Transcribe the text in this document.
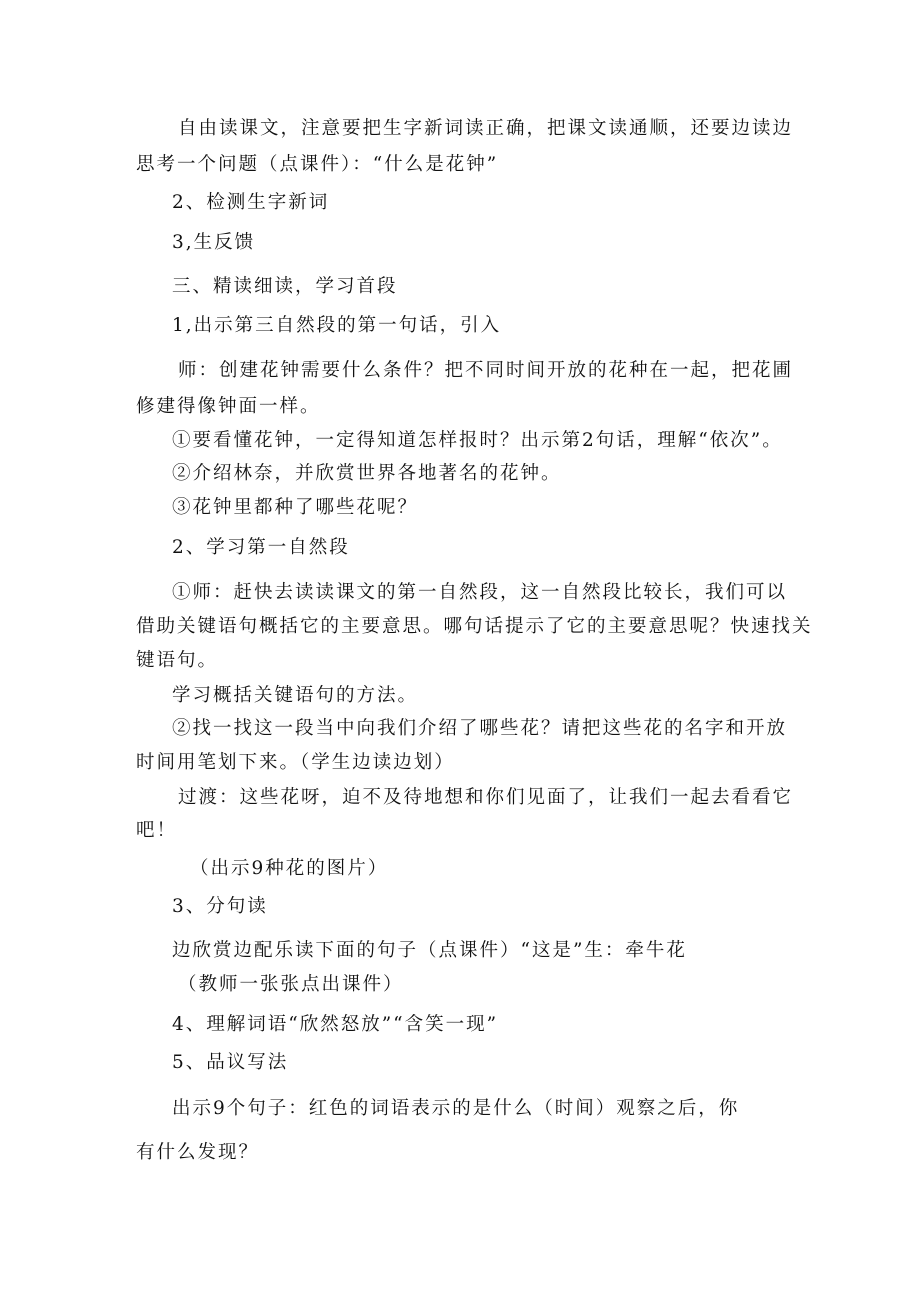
自由读课文，注意要把生字新词读正确，把课文读通顺，还要边读边

思考一个问题（点课件）：“什么是花钟”

2、检测生字新词

3,生反馈

三、精读细读，学习首段

1,出示第三自然段的第一句话，引入

师：创建花钟需要什么条件？把不同时间开放的花种在一起，把花圃

修建得像钟面一样。

①要看懂花钟，一定得知道怎样报时？出示第2句话，理解“依次”。

②介绍林奈，并欣赏世界各地著名的花钟。

③花钟里都种了哪些花呢？

2、学习第一自然段

①师：赶快去读读课文的第一自然段，这一自然段比较长，我们可以

借助关键语句概括它的主要意思。哪句话提示了它的主要意思呢？快速找关

键语句。

学习概括关键语句的方法。

②找一找这一段当中向我们介绍了哪些花？请把这些花的名字和开放

时间用笔划下来。（学生边读边划）

过渡：这些花呀，迫不及待地想和你们见面了，让我们一起去看看它

吧！

（出示9种花的图片）

3、分句读

边欣赏边配乐读下面的句子（点课件）“这是”生：牵牛花

（教师一张张点出课件）

4、理解词语“欣然怒放”“含笑一现”

5、品议写法

出示9个句子：红色的词语表示的是什么（时间）观察之后，你

有什么发现？
